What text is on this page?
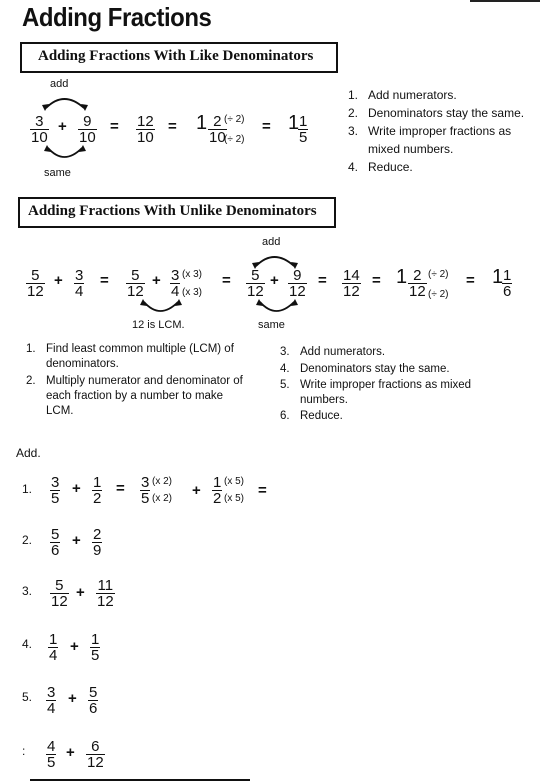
Adding Fractions
Adding Fractions With Like Denominators
add
$\frac{3}{10} + \frac{9}{10} = \frac{12}{10} = 1 \frac{2}{10}$
(÷ 2)
(÷ 2)
= 1
$\frac{1}{5}$
same
1. Add numerators.
2. Denominators stay the same.
3. Write improper fractions as mixed numbers.
4. Reduce.
Adding Fractions With Unlike Denominators
add
$\frac{5}{12} + \frac{3}{4} = \frac{5}{12} + \frac{3}{4} (x$ 3)
(x 3)
= $\frac{5}{12} + \frac{9}{12} = \frac{14}{12} = 1 \frac{2}{12}$ (÷ 2)
(÷ 2)
= 1
$\frac{1}{6}$
12 is LCM.	same
1. Find least common multiple (LCM) of denominators.
2. Multiply numerator and denominator of each fraction by a number to make LCM.
3. Add numerators.
4. Denominators stay the same.
5. Write improper fractions as mixed numbers.
6. Reduce.
Add.
1. $\frac{3}{5} + \frac{1}{2} = \frac{3}{5} (x$ 2)
(x $2) + \frac{1}{2} (x$ 5)
(x 5) =
2. $\frac{5}{6} + \frac{2}{9}$
3. $\frac{5}{12} + \frac{11}{12}$
4. $\frac{1}{4} + \frac{1}{5}$
5. $\frac{3}{4} + \frac{5}{6}$
: $\frac{4}{5} + \frac{6}{12}$
